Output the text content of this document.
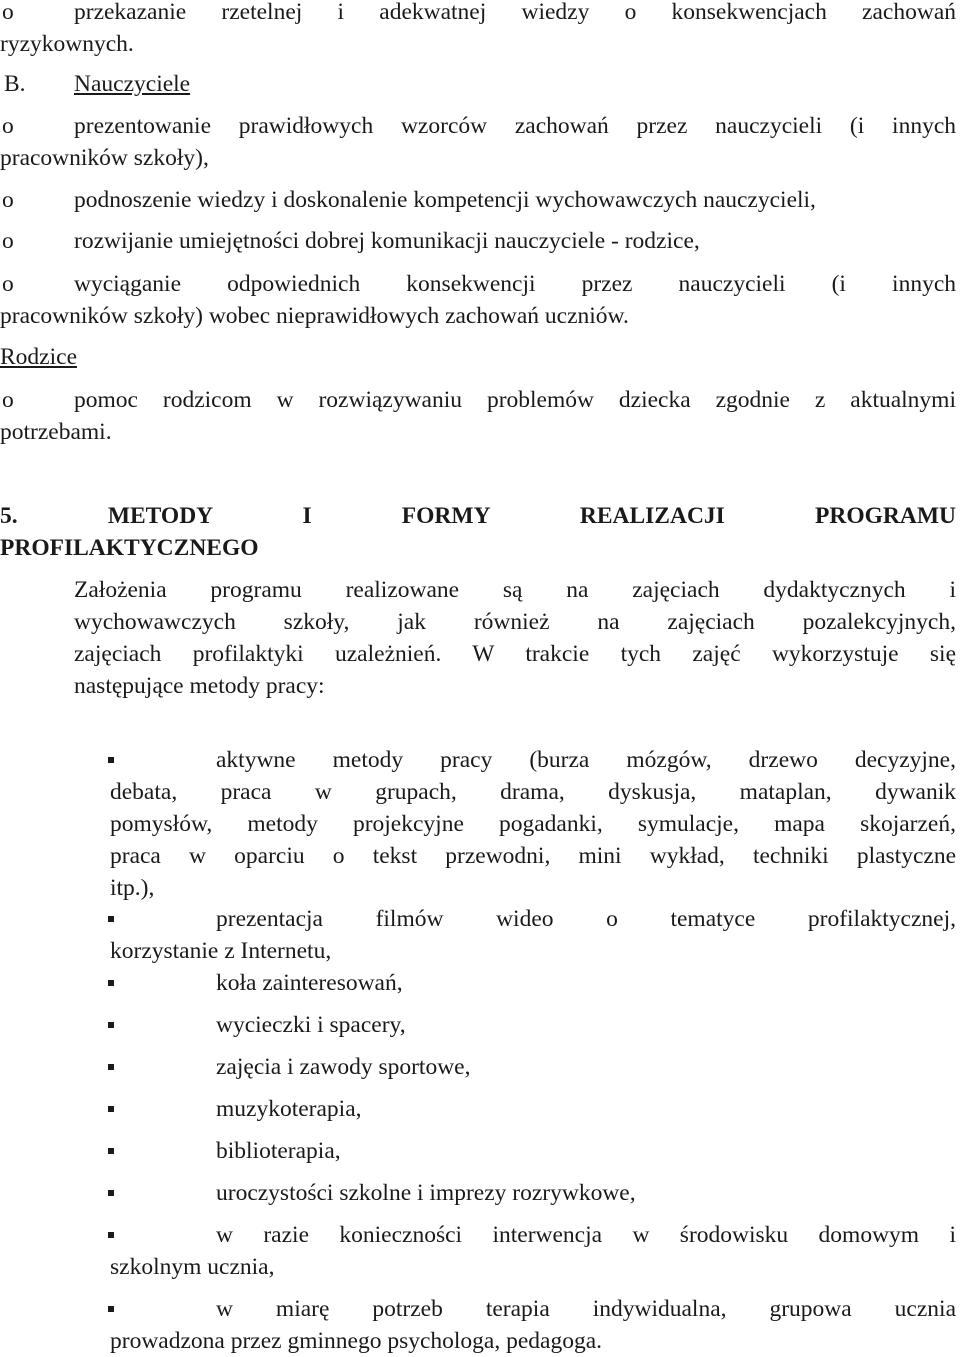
o	przekazanie rzetelnej i adekwatnej wiedzy o konsekwencjach zachowań
ryzykownych.
B. Nauczyciele
o	prezentowanie prawidłowych wzorców zachowań przez nauczycieli (i innych
pracowników szkoły),
o	podnoszenie wiedzy i doskonalenie kompetencji wychowawczych nauczycieli,
o	rozwijanie umiejętności dobrej komunikacji nauczyciele - rodzice,
o	wyciąganie odpowiednich konsekwencji przez nauczycieli (i innych
pracowników szkoły) wobec nieprawidłowych zachowań uczniów.
Rodzice
o	pomoc rodzicom w rozwiązywaniu problemów dziecka zgodnie z aktualnymi
potrzebami.
5. METODY I FORMY REALIZACJI PROGRAMU
PROFILAKTYCZNEGO
Założenia programu realizowane są na zajęciach dydaktycznych i
wychowawczych szkoły, jak również na zajęciach pozalekcyjnych,
zajęciach profilaktyki uzależnień. W trakcie tych zajęć wykorzystuje się
następujące metody pracy:
aktywne metody pracy (burza mózgów, drzewo decyzyjne,
debata, praca w grupach, drama, dyskusja, mataplan, dywanik
pomysłów, metody projekcyjne pogadanki, symulacje, mapa skojarzeń,
praca w oparciu o tekst przewodni, mini wykład, techniki plastyczne
itp.),
prezentacja filmów wideo o tematyce profilaktycznej,
korzystanie z Internetu,
koła zainteresowań,
wycieczki i spacery,
zajęcia i zawody sportowe,
muzykoterapia,
biblioterapia,
uroczystości szkolne i imprezy rozrywkowe,
w razie konieczności interwencja w środowisku domowym i
szkolnym ucznia,
w miarę potrzeb terapia indywidualna, grupowa ucznia
prowadzona przez gminnego psychologa, pedagoga.
